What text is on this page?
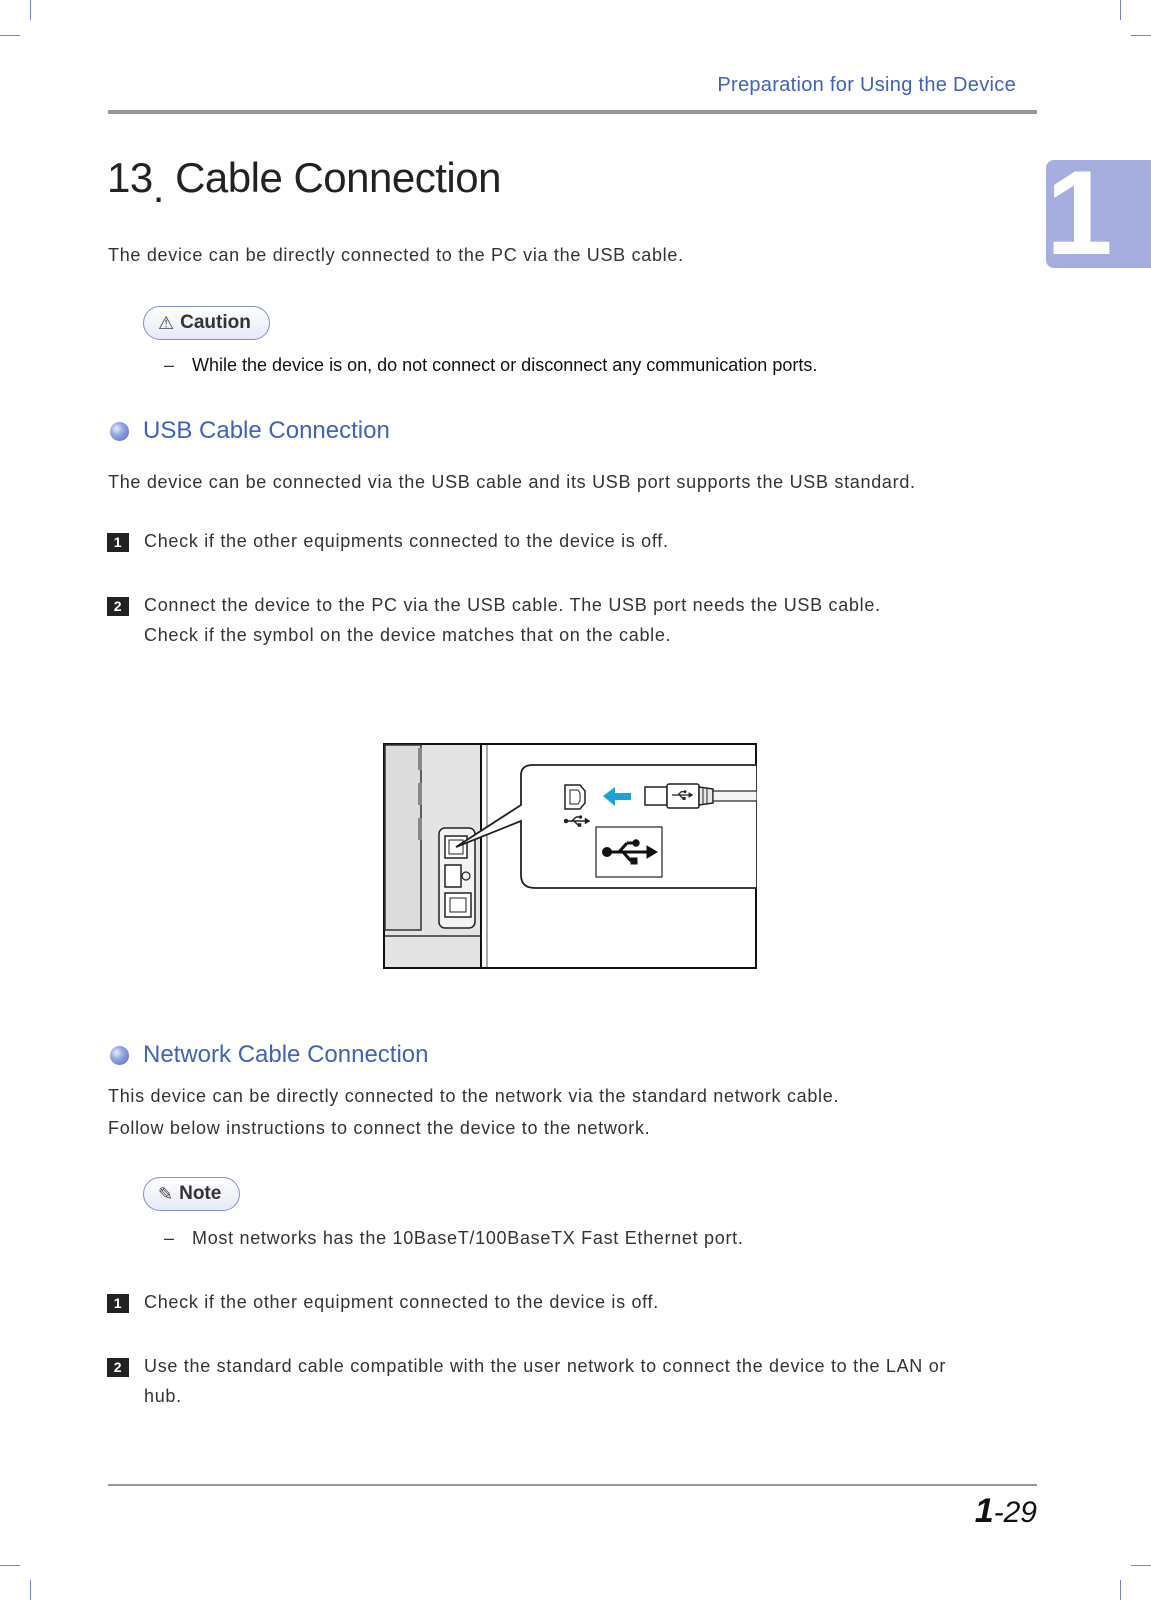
Preparation for Using the Device
1
13. Cable Connection

The device can be directly connected to the PC via the USB cable.

⚠ Caution

– While the device is on, do not connect or disconnect any communication ports.

USB Cable Connection

The device can be connected via the USB cable and its USB port supports the USB standard.

1	Check if the other equipments connected to the device is off.
2	Connect the device to the PC via the USB cable. The USB port needs the USB cable.
Check if the symbol on the device matches that on the cable.
Network Cable Connection

This device can be directly connected to the network via the standard network cable.

Follow below instructions to connect the device to the network.

✎ Note

– Most networks has the 10BaseT/100BaseTX Fast Ethernet port.

1	Check if the other equipment connected to the device is off.
2	Use the standard cable compatible with the user network to connect the device to the LAN or
hub.
1-29
